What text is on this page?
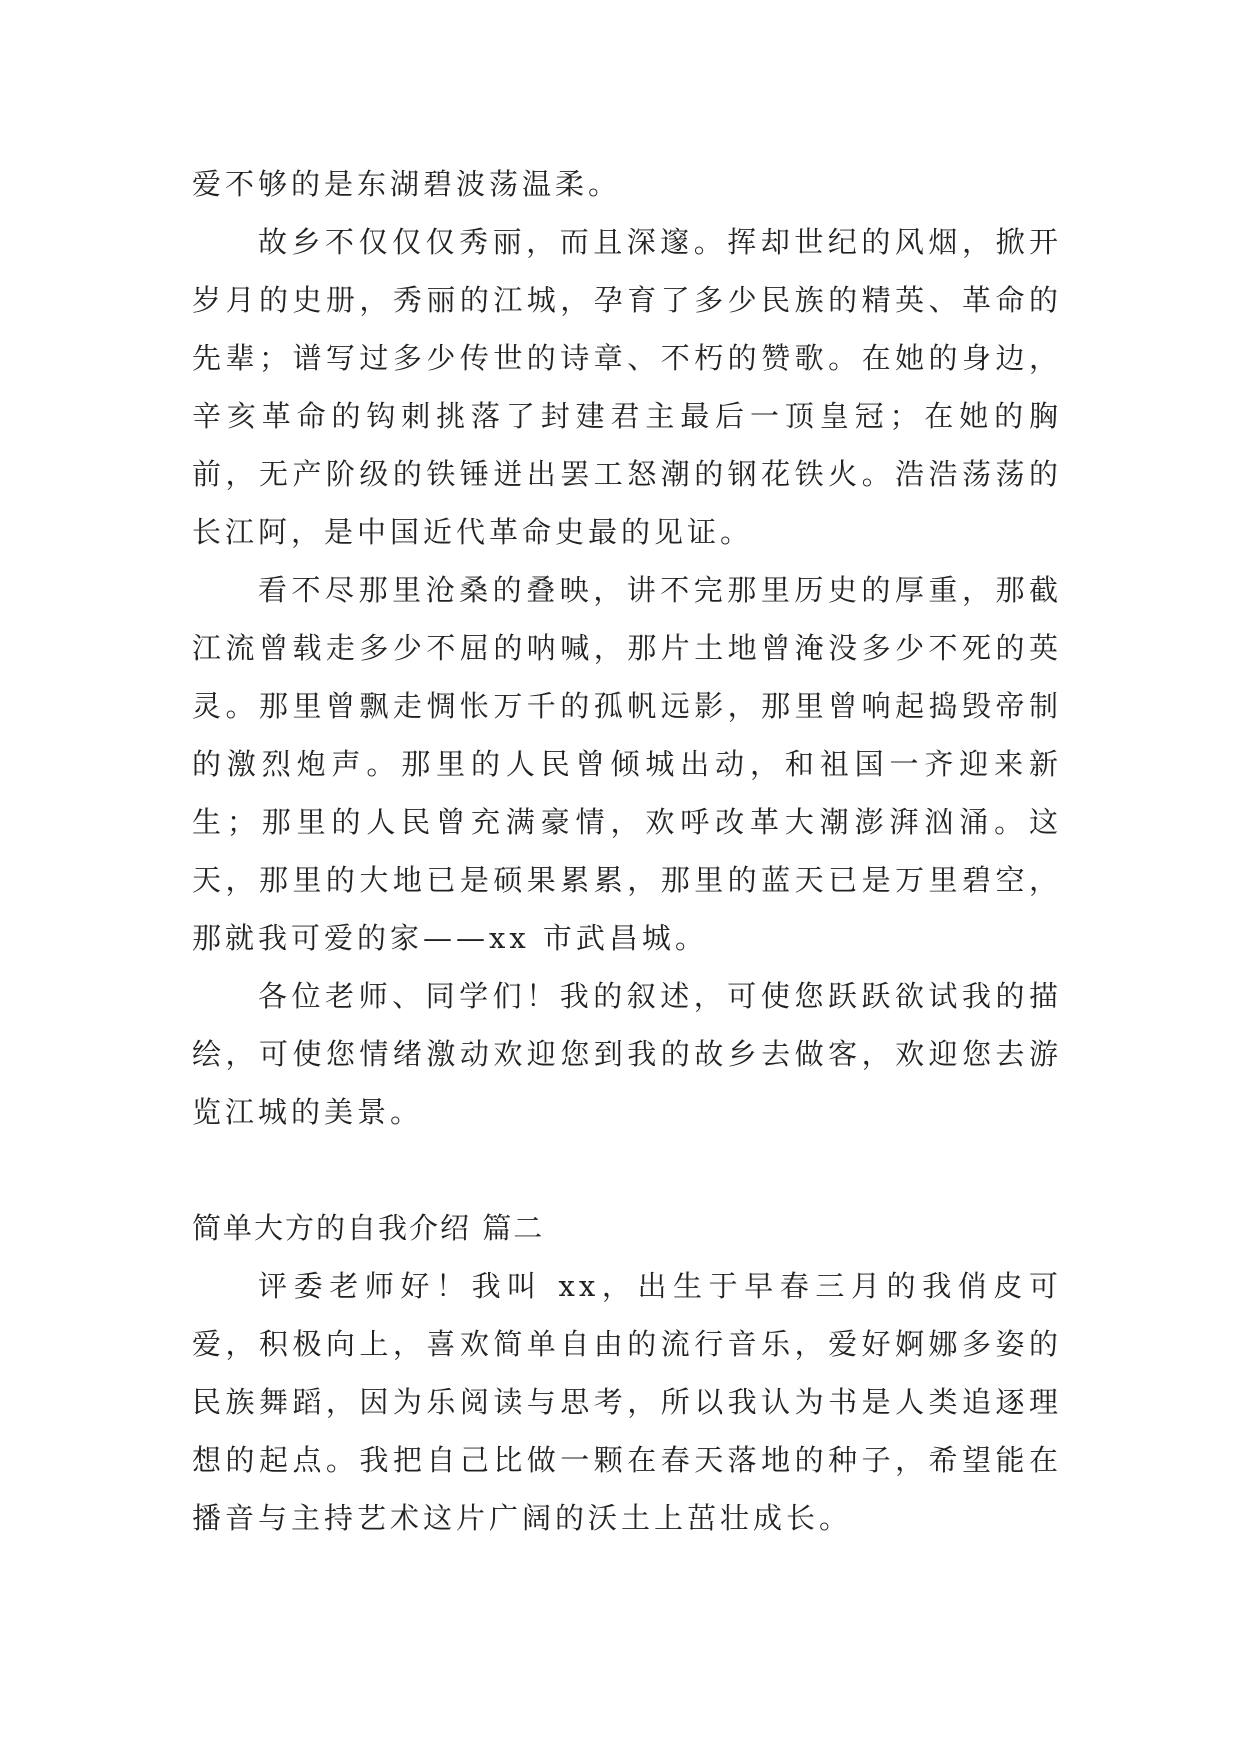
爱不够的是东湖碧波荡温柔。

故乡不仅仅仅秀丽，而且深邃。挥却世纪的风烟，掀开岁月的史册，秀丽的江城，孕育了多少民族的精英、革命的先辈；谱写过多少传世的诗章、不朽的赞歌。在她的身边，辛亥革命的钩刺挑落了封建君主最后一顶皇冠；在她的胸前，无产阶级的铁锤迸出罢工怒潮的钢花铁火。浩浩荡荡的长江阿，是中国近代革命史最的见证。

看不尽那里沧桑的叠映，讲不完那里历史的厚重，那截江流曾载走多少不屈的呐喊，那片土地曾淹没多少不死的英灵。那里曾飘走惆怅万千的孤帆远影，那里曾响起捣毁帝制的激烈炮声。那里的人民曾倾城出动，和祖国一齐迎来新生；那里的人民曾充满豪情，欢呼改革大潮澎湃汹涌。这天，那里的大地已是硕果累累，那里的蓝天已是万里碧空，那就我可爱的家——xx 市武昌城。

各位老师、同学们！我的叙述，可使您跃跃欲试我的描绘，可使您情绪激动欢迎您到我的故乡去做客，欢迎您去游览江城的美景。

简单大方的自我介绍 篇二

评委老师好！我叫 xx，出生于早春三月的我俏皮可爱，积极向上，喜欢简单自由的流行音乐，爱好婀娜多姿的民族舞蹈，因为乐阅读与思考，所以我认为书是人类追逐理想的起点。我把自己比做一颗在春天落地的种子，希望能在播音与主持艺术这片广阔的沃土上茁壮成长。
